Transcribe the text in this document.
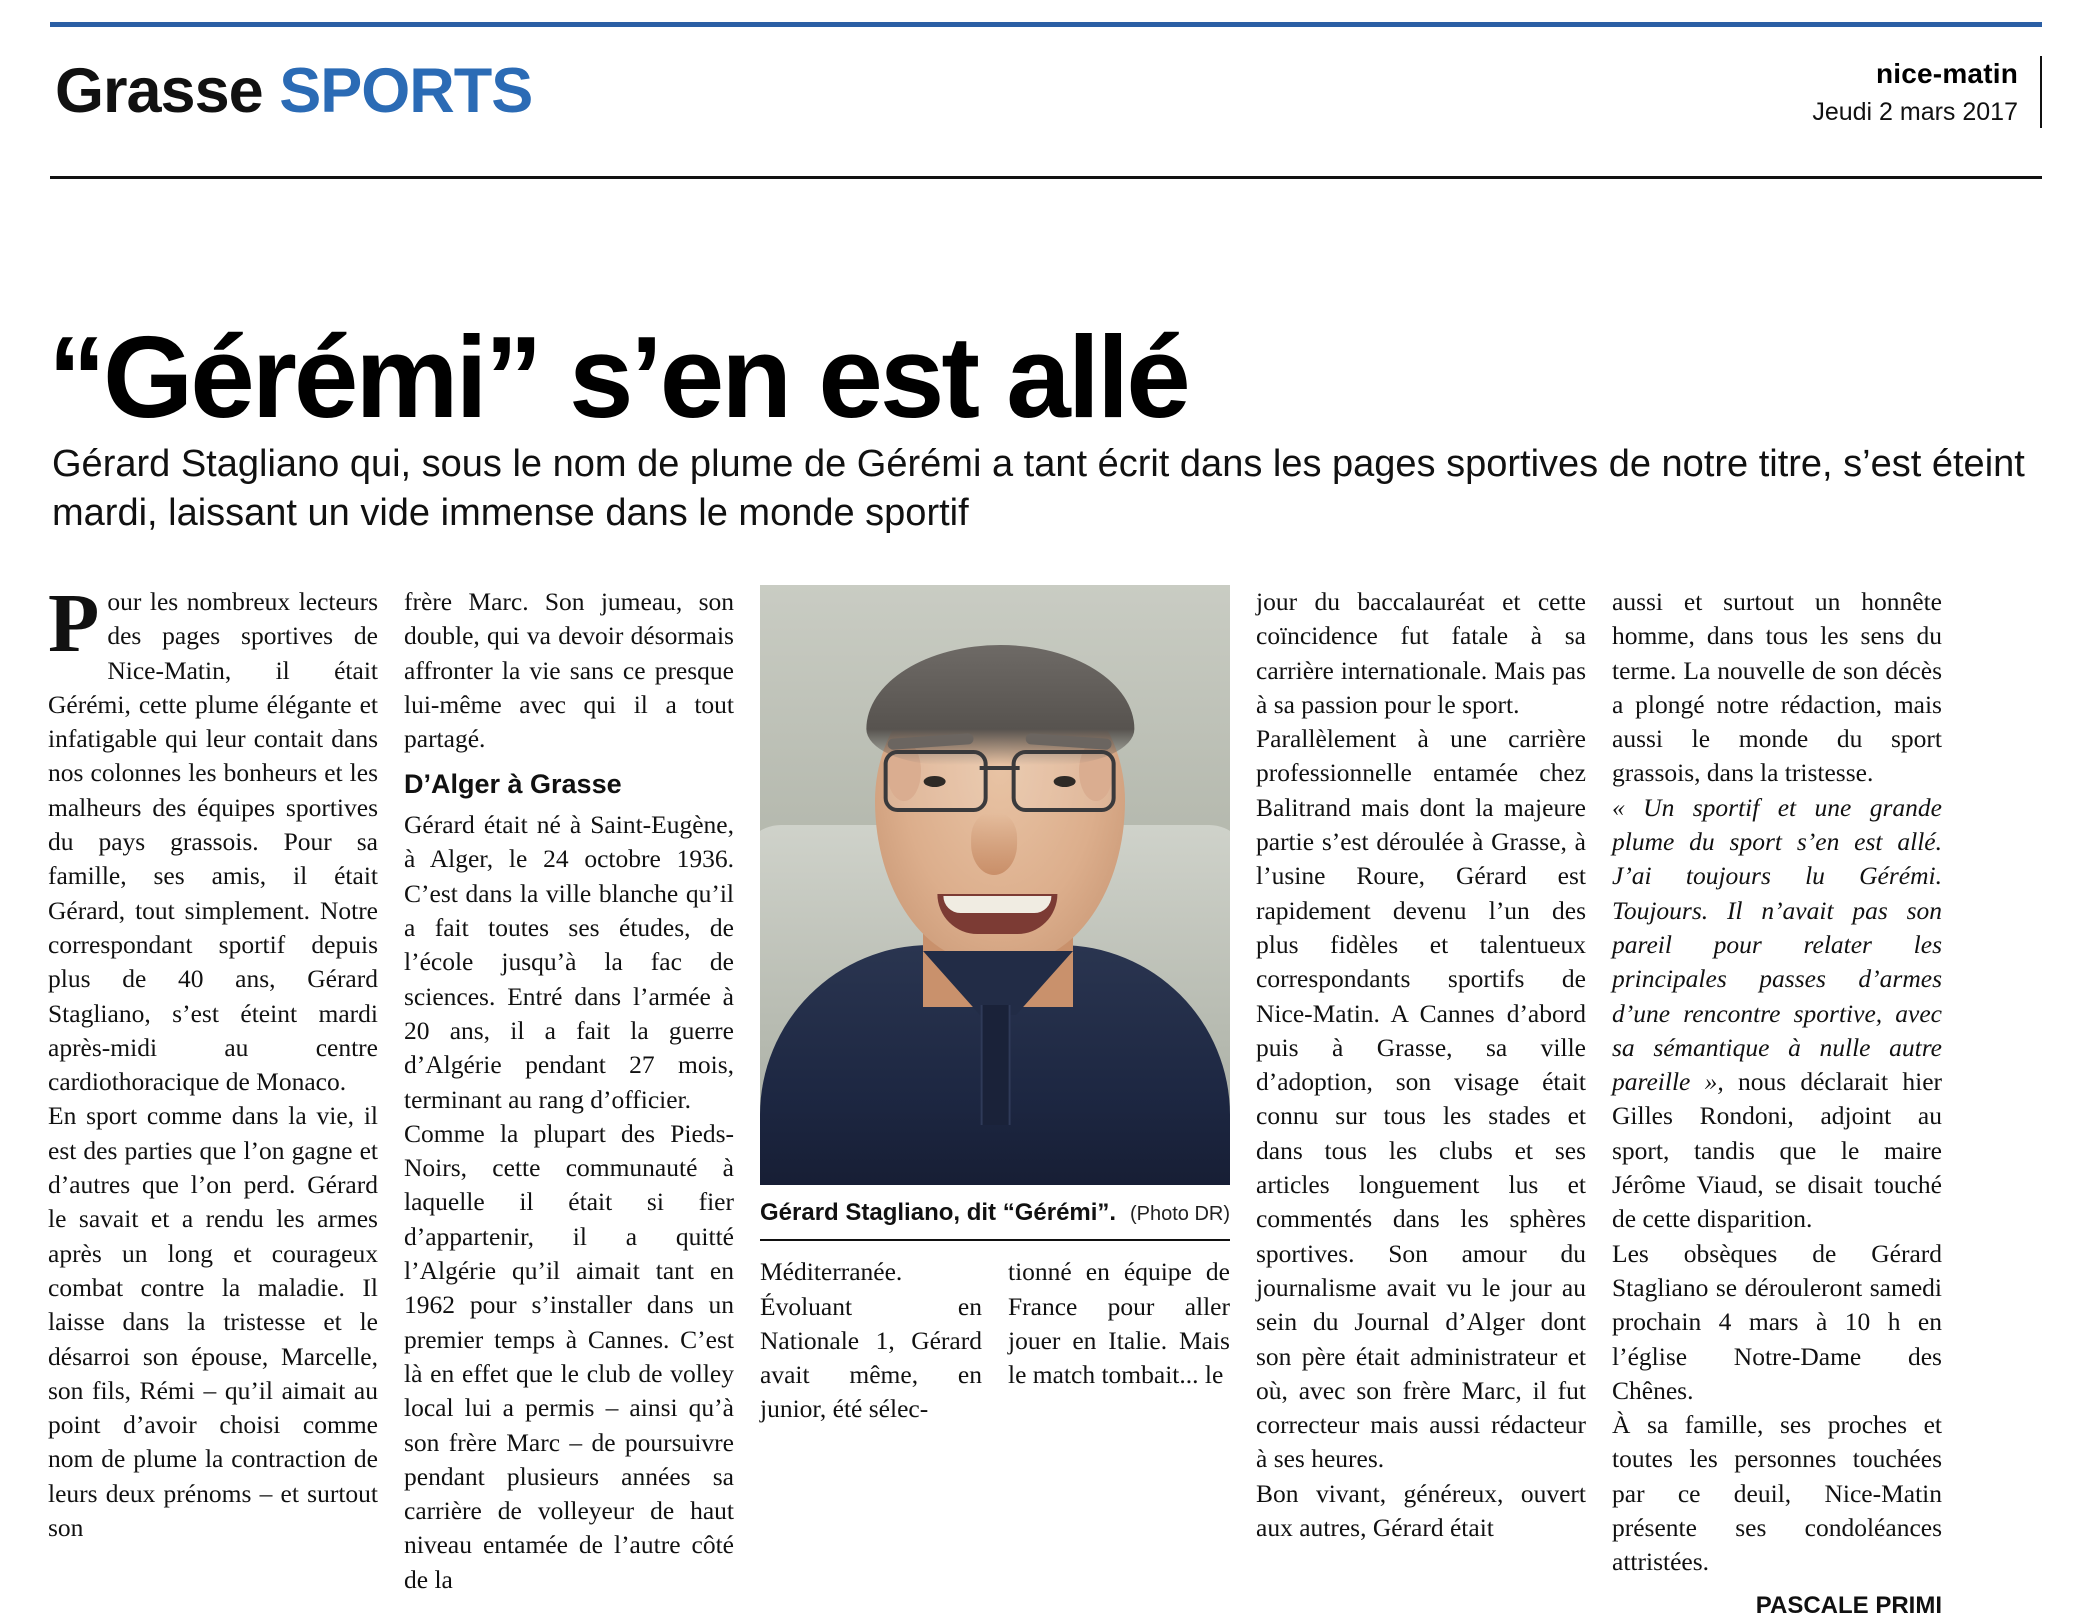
Grasse SPORTS	nice-matin
Jeudi 2 mars 2017
“Gérémi” s’en est allé
Gérard Stagliano qui, sous le nom de plume de Gérémi a tant écrit dans les pages sportives de notre titre, s’est éteint mardi, laissant un vide immense dans le monde sportif

Pour les nombreux lecteurs des pages sportives de Nice-Matin, il était Gérémi, cette plume élégante et infatigable qui leur contait dans nos colonnes les bonheurs et les malheurs des équipes sportives du pays grassois. Pour sa famille, ses amis, il était Gérard, tout simplement. Notre correspondant sportif depuis plus de 40 ans, Gérard Stagliano, s’est éteint mardi après-midi au centre cardiothoracique de Monaco.

En sport comme dans la vie, il est des parties que l’on gagne et d’autres que l’on perd. Gérard le savait et a rendu les armes après un long et courageux combat contre la maladie. Il laisse dans la tristesse et le désarroi son épouse, Marcelle, son fils, Rémi – qu’il aimait au point d’avoir choisi comme nom de plume la contraction de leurs deux prénoms – et surtout son

frère Marc. Son jumeau, son double, qui va devoir désormais affronter la vie sans ce presque lui-même avec qui il a tout partagé.

D’Alger à Grasse

Gérard était né à Saint-Eugène, à Alger, le 24 octobre 1936. C’est dans la ville blanche qu’il a fait toutes ses études, de l’école jusqu’à la fac de sciences. Entré dans l’armée à 20 ans, il a fait la guerre d’Algérie pendant 27 mois, terminant au rang d’officier.

Comme la plupart des Pieds-Noirs, cette communauté à laquelle il était si fier d’appartenir, il a quitté l’Algérie qu’il aimait tant en 1962 pour s’installer dans un premier temps à Cannes. C’est là en effet que le club de volley local lui a permis – ainsi qu’à son frère Marc – de poursuivre pendant plusieurs années sa carrière de volleyeur de haut niveau entamée de l’autre côté de la

Gérard Stagliano, dit “Gérémi”. (Photo DR)
Méditerranée. Évoluant en Nationale 1, Gérard avait même, en junior, été sélec-
tionné en équipe de France pour aller jouer en Italie. Mais le match tombait... le

jour du baccalauréat et cette coïncidence fut fatale à sa carrière internationale. Mais pas à sa passion pour le sport.

Parallèlement à une carrière professionnelle entamée chez Balitrand mais dont la majeure partie s’est déroulée à Grasse, à l’usine Roure, Gérard est rapidement devenu l’un des plus fidèles et talentueux correspondants sportifs de Nice-Matin. A Cannes d’abord puis à Grasse, sa ville d’adoption, son visage était connu sur tous les stades et dans tous les clubs et ses articles longuement lus et commentés dans les sphères sportives. Son amour du journalisme avait vu le jour au sein du Journal d’Alger dont son père était administrateur et où, avec son frère Marc, il fut correcteur mais aussi rédacteur à ses heures.

Bon vivant, généreux, ouvert aux autres, Gérard était

aussi et surtout un honnête homme, dans tous les sens du terme. La nouvelle de son décès a plongé notre rédaction, mais aussi le monde du sport grassois, dans la tristesse.

« Un sportif et une grande plume du sport s’en est allé. J’ai toujours lu Gérémi. Toujours. Il n’avait pas son pareil pour relater les principales passes d’armes d’une rencontre sportive, avec sa sémantique à nulle autre pareille », nous déclarait hier Gilles Rondoni, adjoint au sport, tandis que le maire Jérôme Viaud, se disait touché de cette disparition.

Les obsèques de Gérard Stagliano se dérouleront samedi prochain 4 mars à 10 h en l’église Notre-Dame des Chênes.

À sa famille, ses proches et toutes les personnes touchées par ce deuil, Nice-Matin présente ses condoléances attristées.

PASCALE PRIMI
